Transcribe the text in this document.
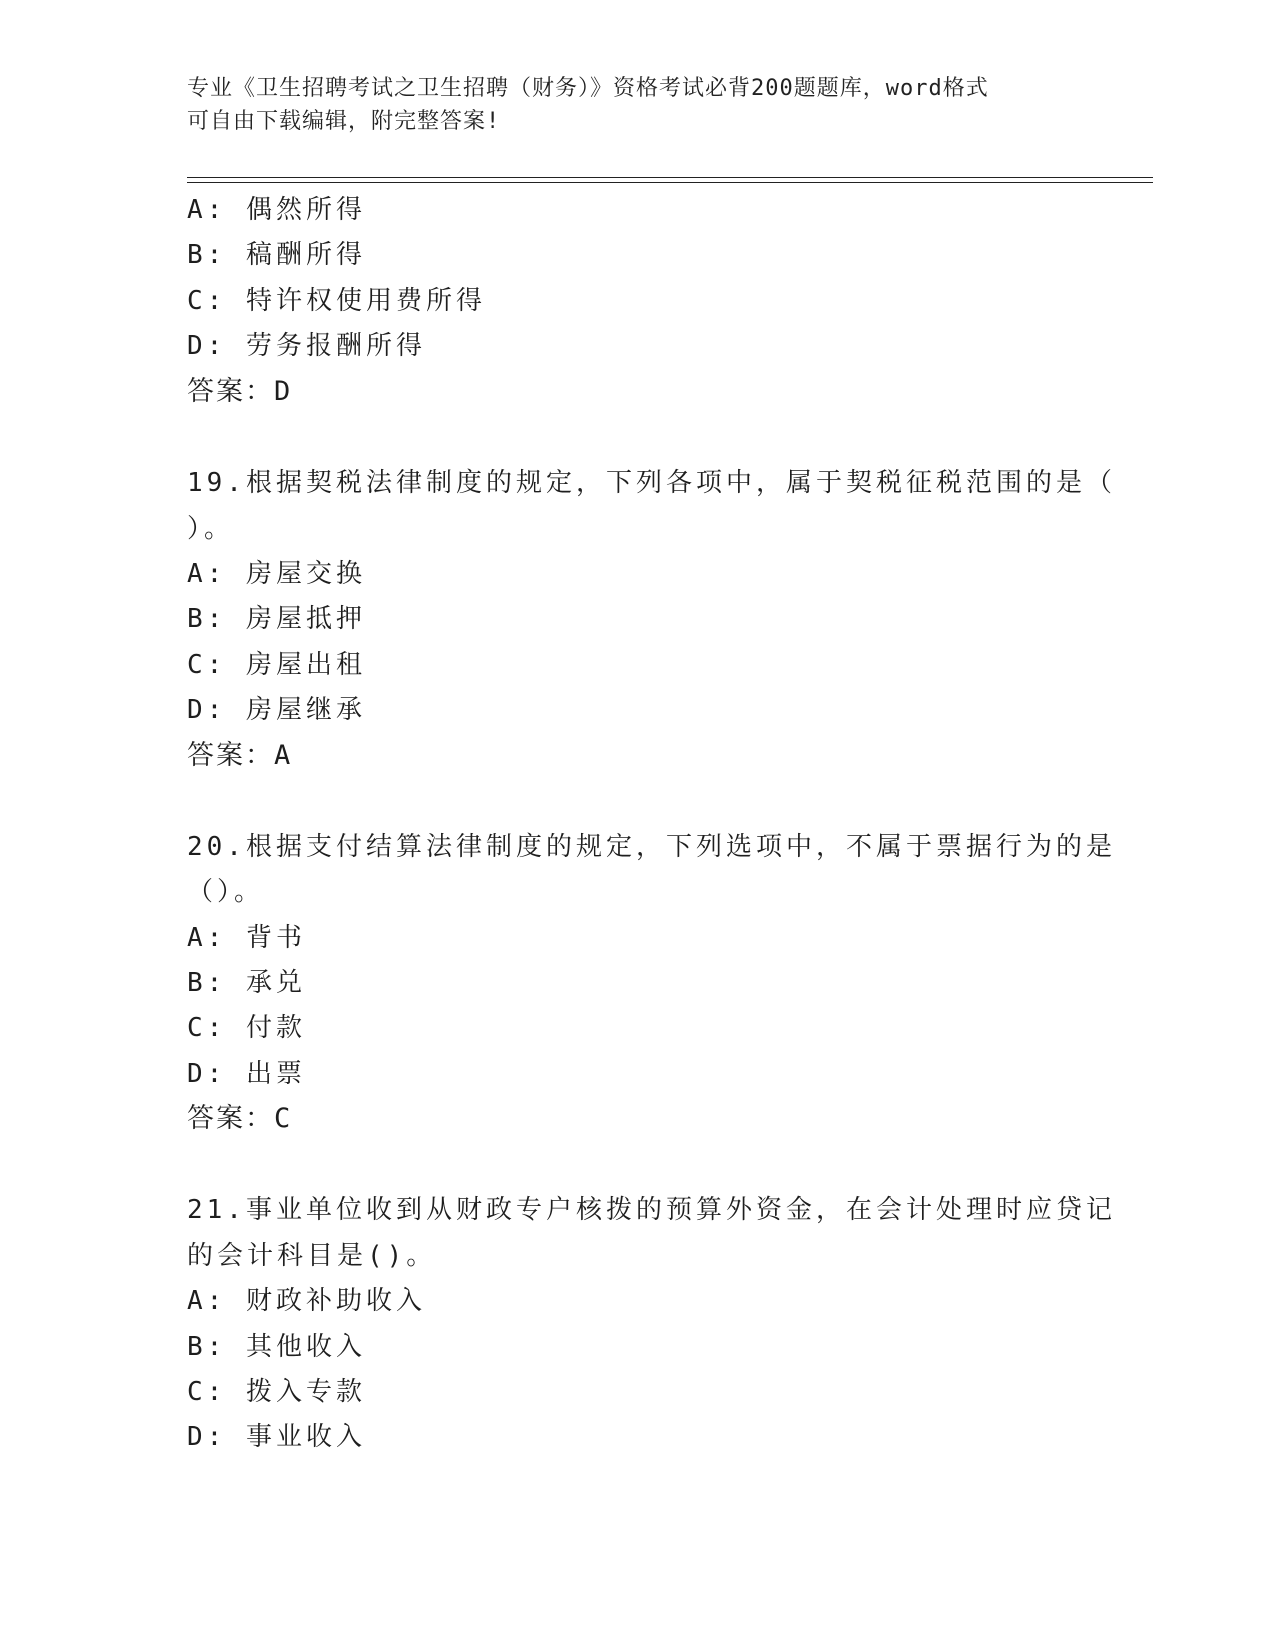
专业《卫生招聘考试之卫生招聘（财务）》资格考试必背200题题库，word格式
可自由下载编辑，附完整答案!
A: 偶然所得
B: 稿酬所得
C: 特许权使用费所得
D: 劳务报酬所得
答案：D
19.根据契税法律制度的规定，下列各项中，属于契税征税范围的是（
）。
A: 房屋交换
B: 房屋抵押
C: 房屋出租
D: 房屋继承
答案：A
20.根据支付结算法律制度的规定，下列选项中，不属于票据行为的是
（）。
A: 背书
B: 承兑
C: 付款
D: 出票
答案：C
21.事业单位收到从财政专户核拨的预算外资金，在会计处理时应贷记
的会计科目是()。
A: 财政补助收入
B: 其他收入
C: 拨入专款
D: 事业收入
